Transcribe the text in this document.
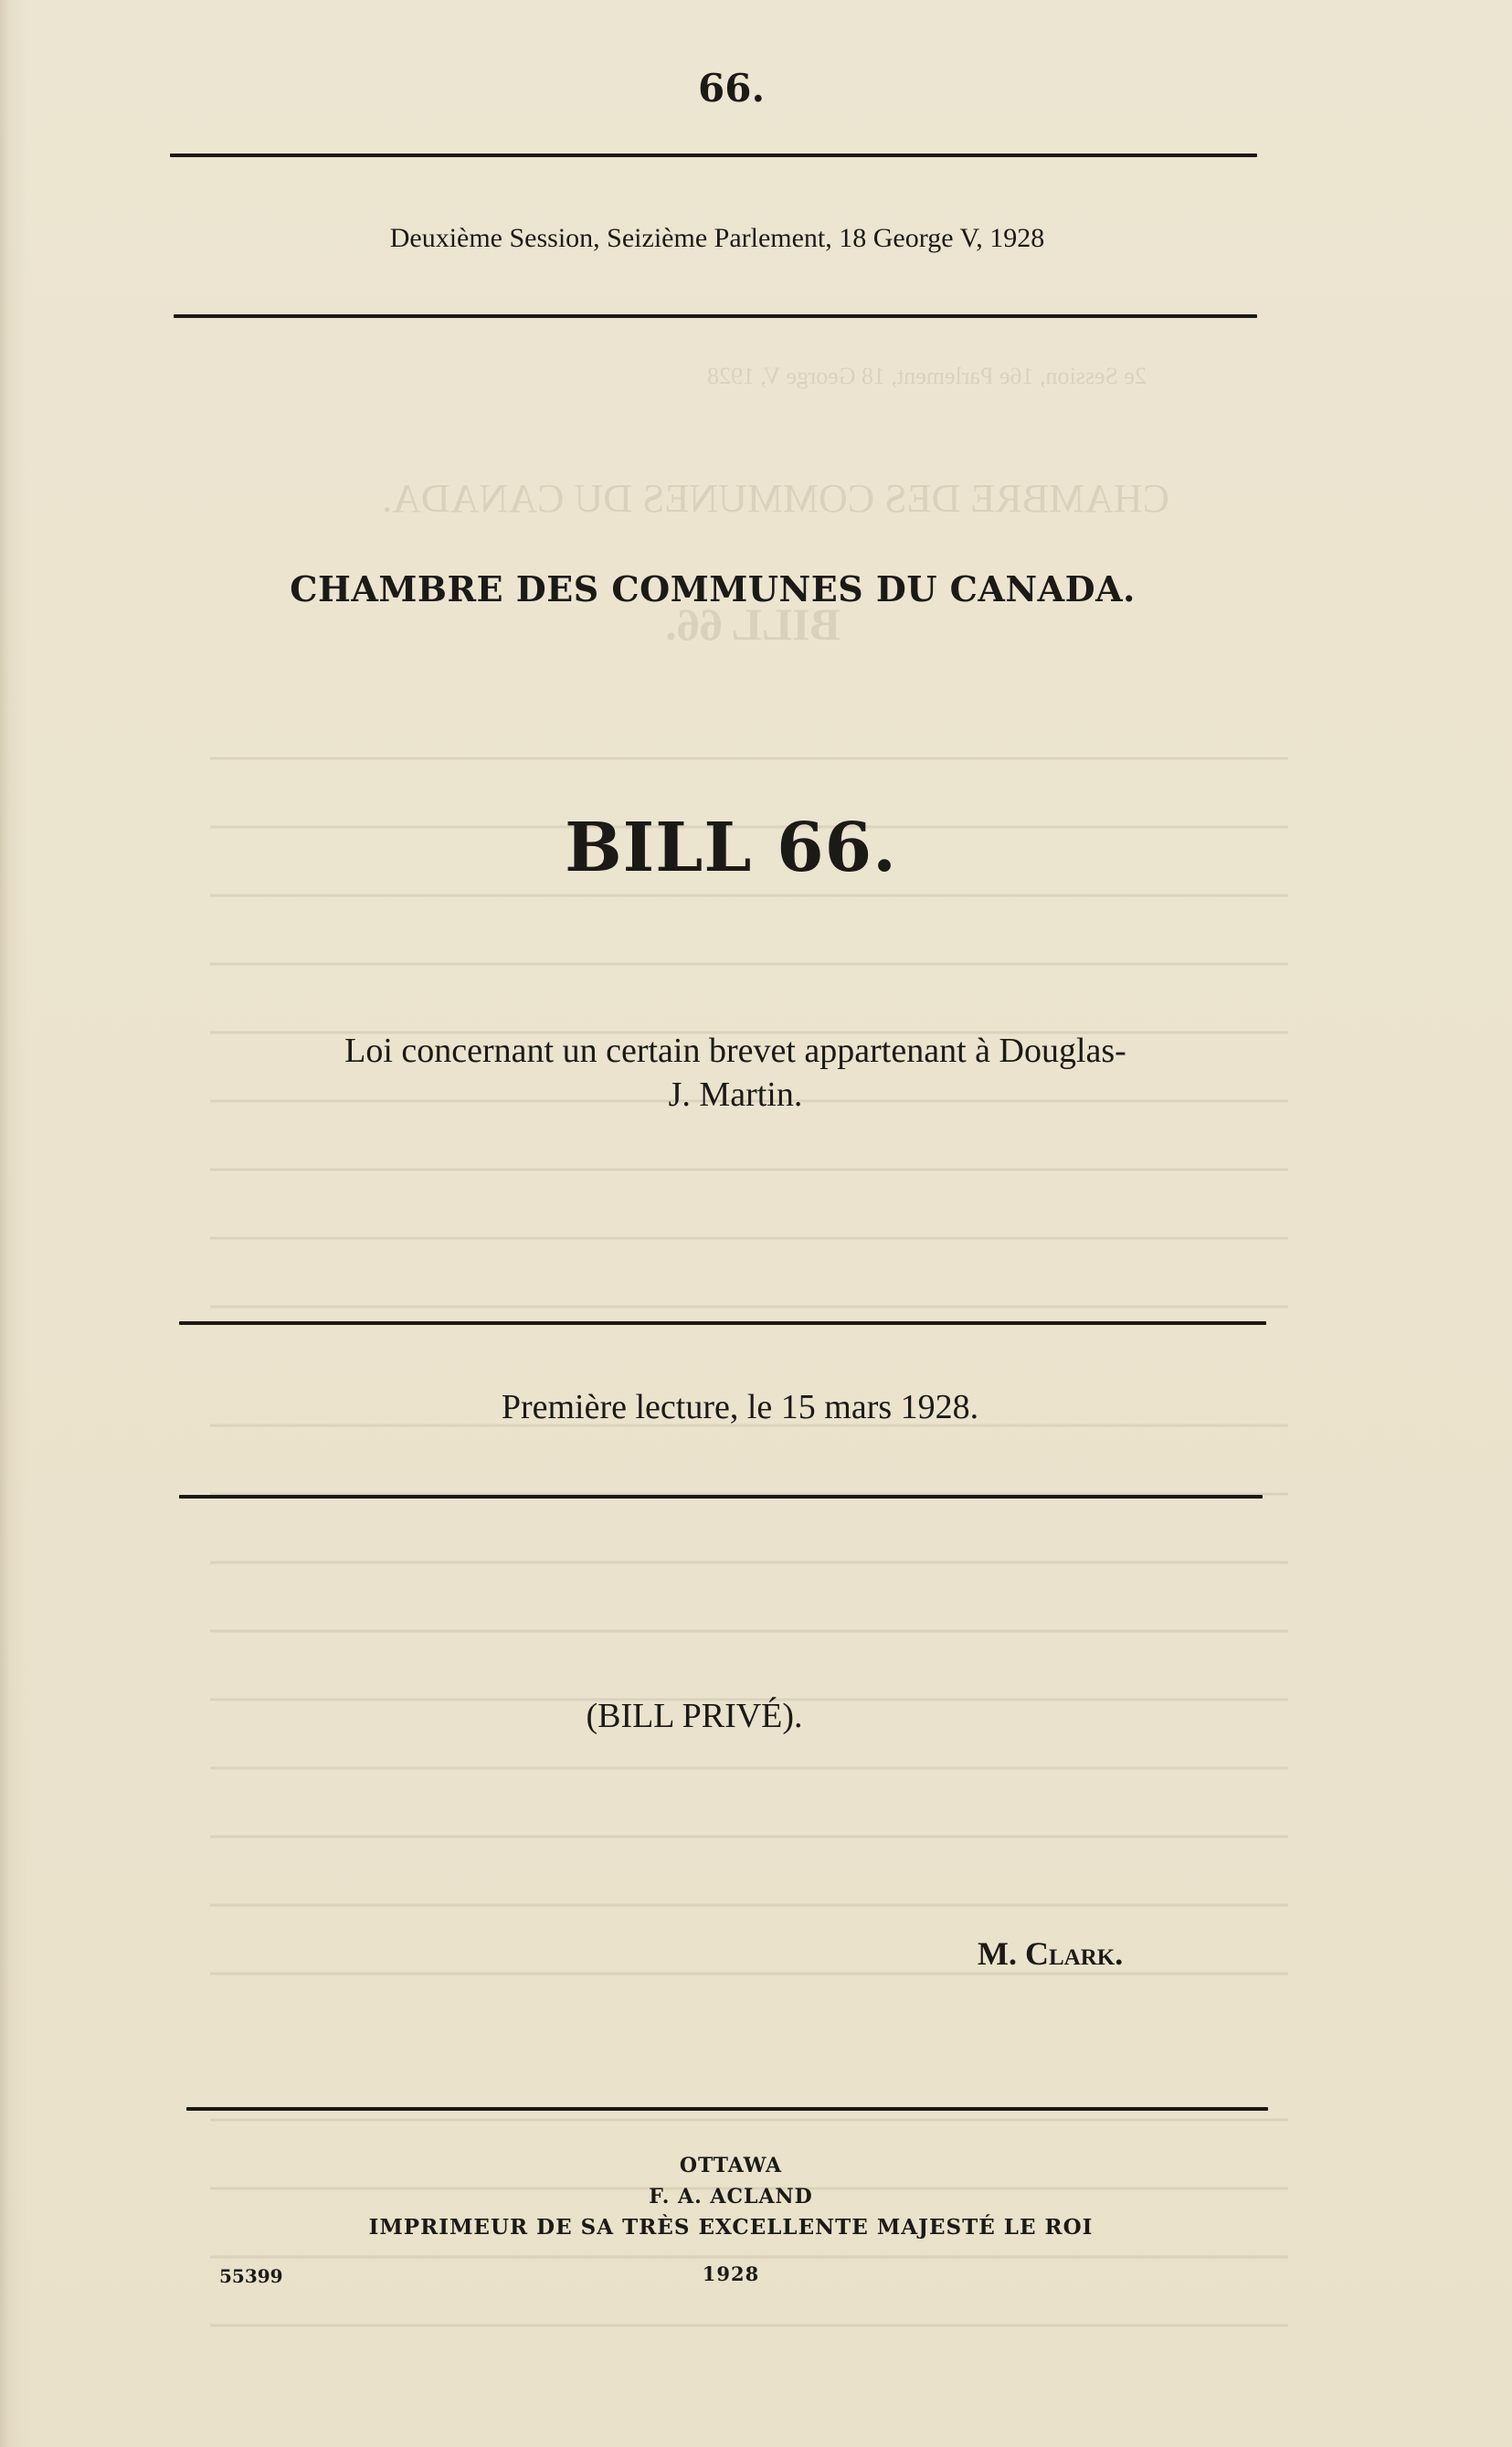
2e Session, 16e Parlement, 18 George V, 1928
CHAMBRE DES COMMUNES DU CANADA.
BILL 66.
66.
Deuxième Session, Seizième Parlement, 18 George V, 1928
CHAMBRE DES COMMUNES DU CANADA.
BILL 66.
Loi concernant un certain brevet appartenant à Douglas-
J. Martin.
Première lecture, le 15 mars 1928.
(BILL PRIVÉ).
M. Clark.
OTTAWA
F. A. ACLAND
IMPRIMEUR DE SA TRÈS EXCELLENTE MAJESTÉ LE ROI
1928
55399
